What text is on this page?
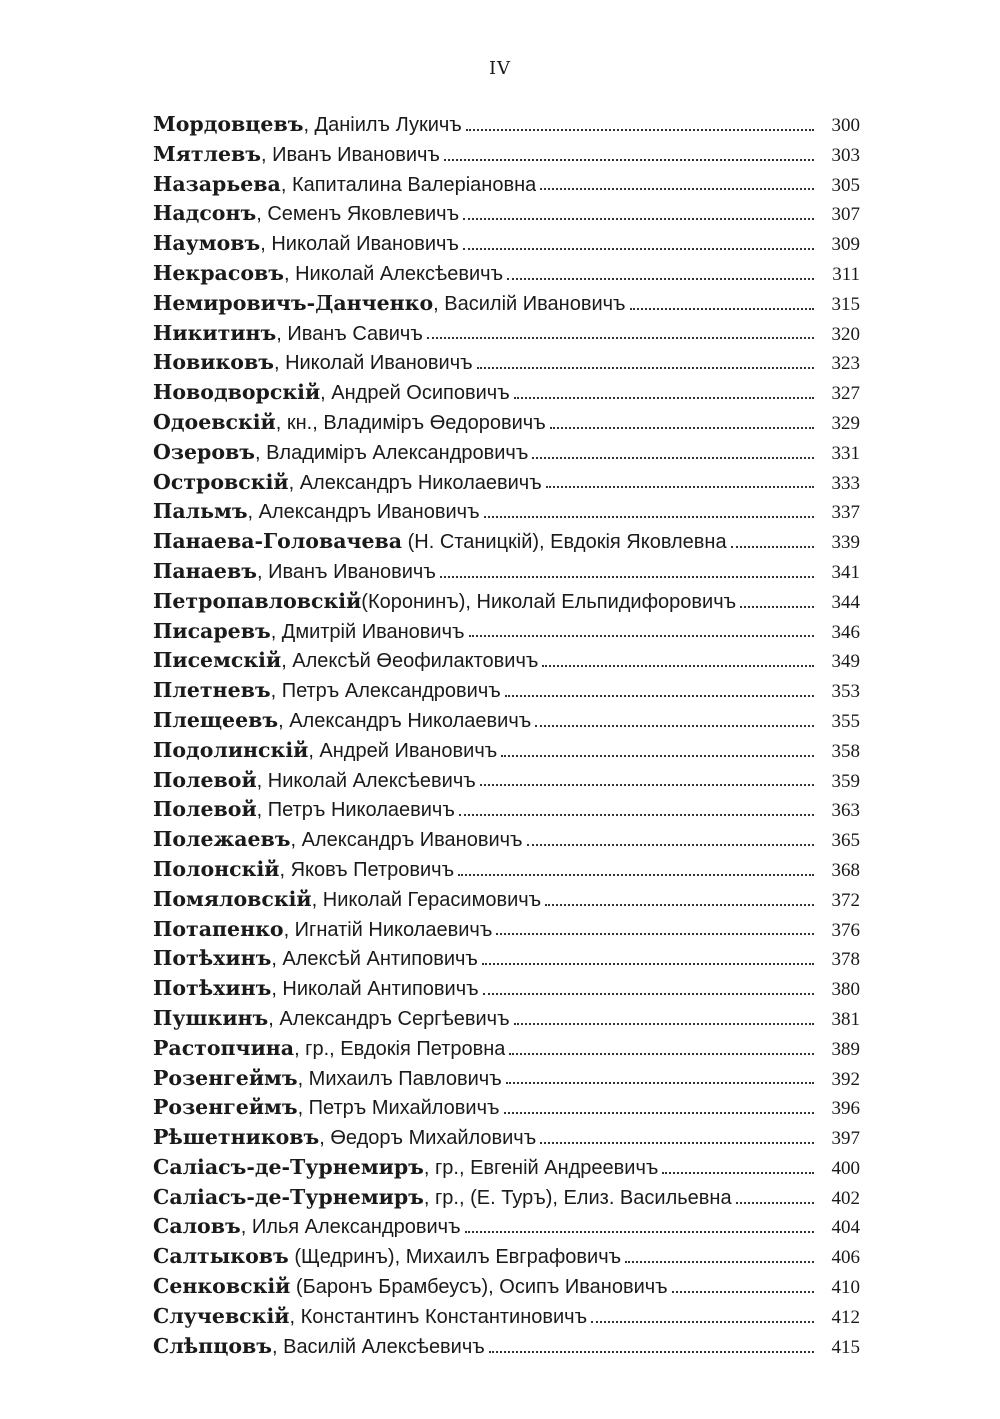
IV
Мордовцевъ, Даніилъ Лукичъ	300
Мятлевъ, Иванъ Ивановичъ	303
Назарьева, Капиталина Валеріановна	305
Надсонъ, Семенъ Яковлевичъ	307
Наумовъ, Николай Ивановичъ	309
Некрасовъ, Николай Алексѣевичъ	311
Немировичъ-Данченко, Василій Ивановичъ	315
Никитинъ, Иванъ Савичъ	320
Новиковъ, Николай Ивановичъ	323
Новодворскій, Андрей Осиповичъ	327
Одоевскій, кн., Владиміръ Өедоровичъ	329
Озеровъ, Владиміръ Александровичъ	331
Островскій, Александръ Николаевичъ	333
Пальмъ, Александръ Ивановичъ	337
Панаева-Головачева (Н. Станицкій), Евдокія Яковлевна	339
Панаевъ, Иванъ Ивановичъ	341
Петропавловскій(Коронинъ), Николай Ельпидифоровичъ	344
Писаревъ, Дмитрій Ивановичъ	346
Писемскій, Алексѣй Өеофилактовичъ	349
Плетневъ, Петръ Александровичъ	353
Плещеевъ, Александръ Николаевичъ	355
Подолинскій, Андрей Ивановичъ	358
Полевой, Николай Алексѣевичъ	359
Полевой, Петръ Николаевичъ	363
Полежаевъ, Александръ Ивановичъ	365
Полонскій, Яковъ Петровичъ	368
Помяловскій, Николай Герасимовичъ	372
Потапенко, Игнатій Николаевичъ	376
Потѣхинъ, Алексѣй Антиповичъ	378
Потѣхинъ, Николай Антиповичъ	380
Пушкинъ, Александръ Сергѣевичъ	381
Растопчина, гр., Евдокія Петровна	389
Розенгеймъ, Михаилъ Павловичъ	392
Розенгеймъ, Петръ Михайловичъ	396
Рѣшетниковъ, Өедоръ Михайловичъ	397
Саліасъ-де-Турнемиръ, гр., Евгеній Андреевичъ	400
Саліасъ-де-Турнемиръ, гр., (Е. Туръ), Елиз. Васильевна	402
Саловъ, Илья Александровичъ	404
Салтыковъ (Щедринъ), Михаилъ Евграфовичъ	406
Сенковскій (Баронъ Брамбеусъ), Осипъ Ивановичъ	410
Случевскій, Константинъ Константиновичъ	412
Слѣпцовъ, Василій Алексѣевичъ	415
